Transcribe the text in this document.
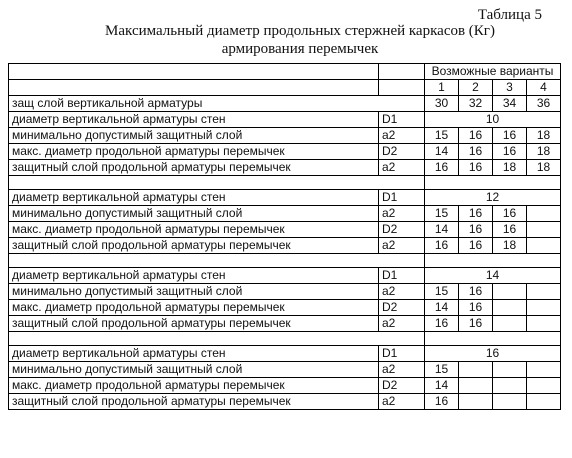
Таблица 5
Максимальный диаметр продольных стержней каркасов (Кг)
армирования перемычек
		Возможные варианты			
		1	2	3	4
защ слой вертикальной арматуры		30	32	34	36
диаметр вертикальной арматуры стен	D1	10			
минимально допустимый защитный слой	a2	15	16	16	18
макс. диаметр продольной арматуры перемычек	D2	14	16	16	18
защитный слой продольной арматуры перемычек	a2	16	16	18	18

диаметр вертикальной арматуры стен	D1	12			
минимально допустимый защитный слой	a2	15	16	16	
макс. диаметр продольной арматуры перемычек	D2	14	16	16	
защитный слой продольной арматуры перемычек	a2	16	16	18	

диаметр вертикальной арматуры стен	D1	14			
минимально допустимый защитный слой	a2	15	16		
макс. диаметр продольной арматуры перемычек	D2	14	16		
защитный слой продольной арматуры перемычек	a2	16	16		

диаметр вертикальной арматуры стен	D1	16			
минимально допустимый защитный слой	a2	15			
макс. диаметр продольной арматуры перемычек	D2	14			
защитный слой продольной арматуры перемычек	a2	16			
